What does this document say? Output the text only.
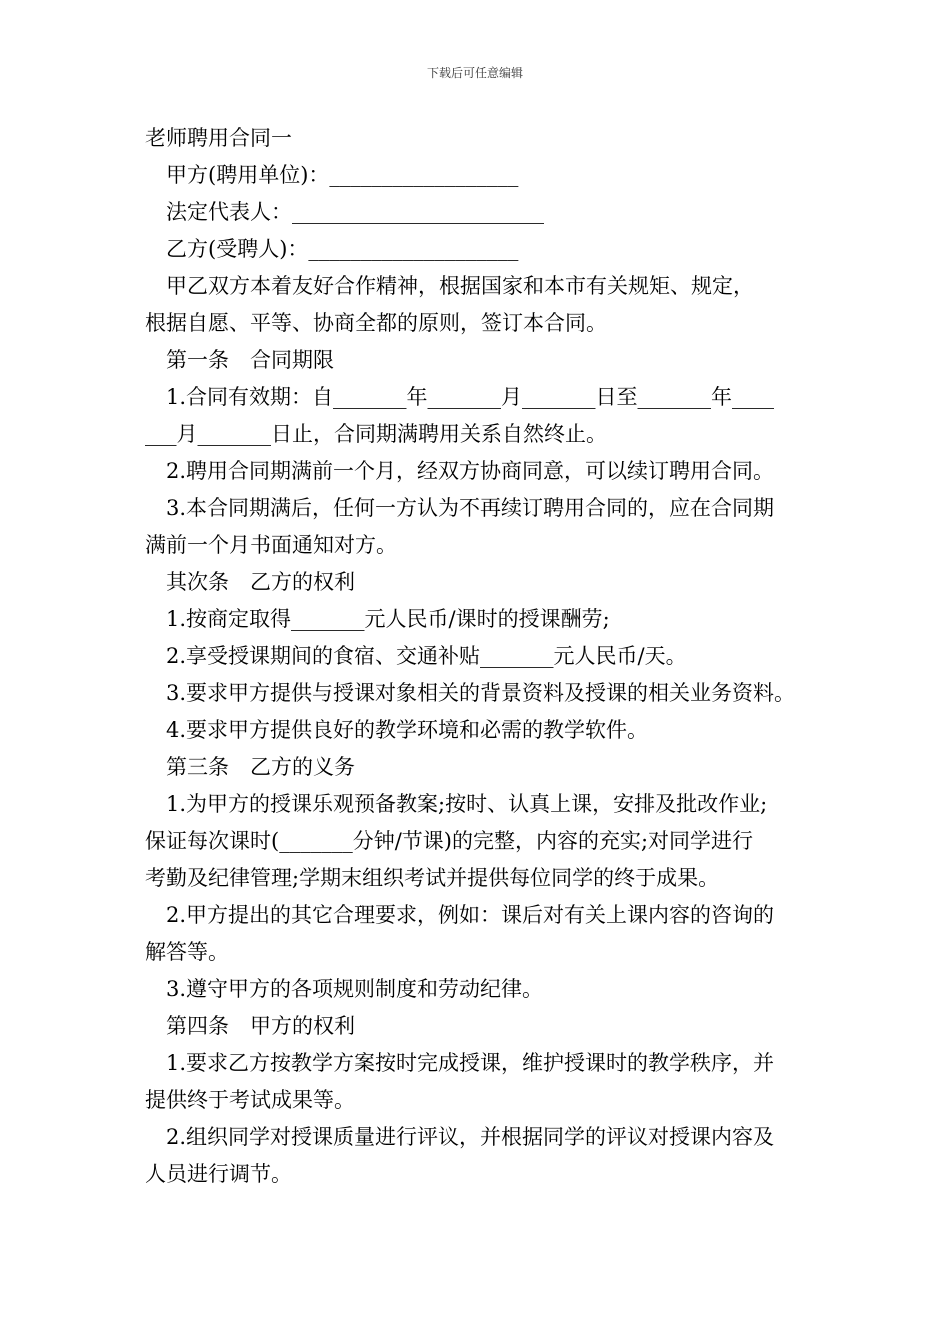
下载后可任意编辑
老师聘用合同一
甲方(聘用单位)：__________________
法定代表人：________________________
乙方(受聘人)：____________________
甲乙双方本着友好合作精神，根据国家和本市有关规矩、规定，
根据自愿、平等、协商全都的原则，签订本合同。
第一条　合同期限
1.合同有效期：自_______年_______月_______日至_______年____
___月_______日止，合同期满聘用关系自然终止。
2.聘用合同期满前一个月，经双方协商同意，可以续订聘用合同。
3.本合同期满后，任何一方认为不再续订聘用合同的，应在合同期
满前一个月书面通知对方。
其次条　乙方的权利
1.按商定取得_______元人民币/课时的授课酬劳;
2.享受授课期间的食宿、交通补贴_______元人民币/天。
3.要求甲方提供与授课对象相关的背景资料及授课的相关业务资料。
4.要求甲方提供良好的教学环境和必需的教学软件。
第三条　乙方的义务
1.为甲方的授课乐观预备教案;按时、认真上课，安排及批改作业;
保证每次课时(_______分钟/节课)的完整，内容的充实;对同学进行
考勤及纪律管理;学期末组织考试并提供每位同学的终于成果。
2.甲方提出的其它合理要求，例如：课后对有关上课内容的咨询的
解答等。
3.遵守甲方的各项规则制度和劳动纪律。
第四条　甲方的权利
1.要求乙方按教学方案按时完成授课，维护授课时的教学秩序，并
提供终于考试成果等。
2.组织同学对授课质量进行评议，并根据同学的评议对授课内容及
人员进行调节。
